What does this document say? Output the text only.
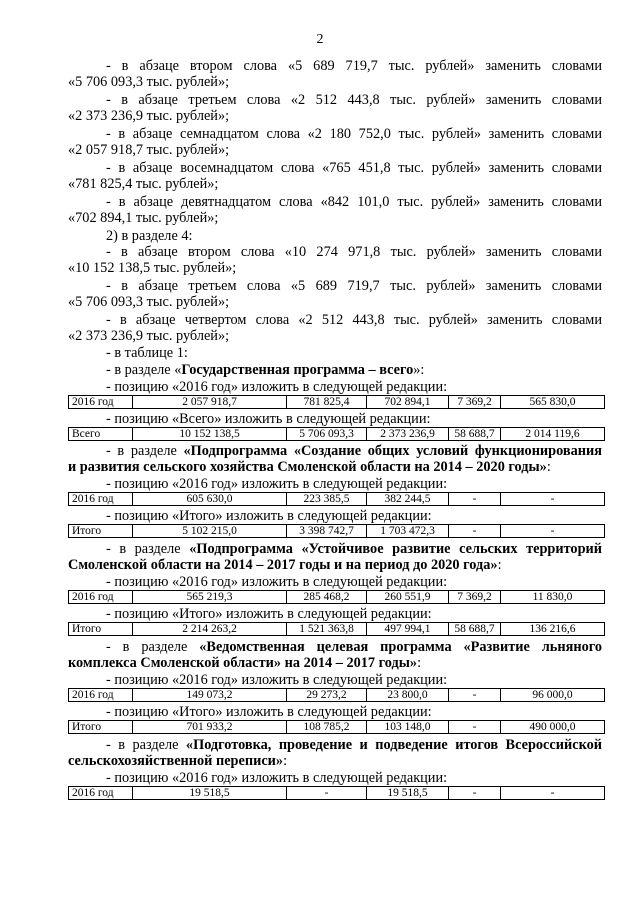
2
- в абзаце втором слова «5 689 719,7 тыс. рублей» заменить словами
«5 706 093,3 тыс. рублей»;
- в абзаце третьем слова «2 512 443,8 тыс. рублей» заменить словами
«2 373 236,9 тыс. рублей»;
- в абзаце семнадцатом слова «2 180 752,0 тыс. рублей» заменить словами
«2 057 918,7 тыс. рублей»;
- в абзаце восемнадцатом слова «765 451,8 тыс. рублей» заменить словами
«781 825,4 тыс. рублей»;
- в абзаце девятнадцатом слова «842 101,0 тыс. рублей» заменить словами
«702 894,1 тыс. рублей»;
2) в разделе 4:
- в абзаце втором слова «10 274 971,8 тыс. рублей» заменить словами
«10 152 138,5 тыс. рублей»;
- в абзаце третьем слова «5 689 719,7 тыс. рублей» заменить словами
«5 706 093,3 тыс. рублей»;
- в абзаце четвертом слова «2 512 443,8 тыс. рублей» заменить словами
«2 373 236,9 тыс. рублей»;
- в таблице 1:
- в разделе «Государственная программа – всего»:
- позицию «2016 год» изложить в следующей редакции:
2016 год	2 057 918,7	781 825,4	702 894,1	7 369,2	565 830,0
- позицию «Всего» изложить в следующей редакции:
Всего	10 152 138,5	5 706 093,3	2 373 236,9	58 688,7	2 014 119,6
- в разделе «Подпрограмма «Создание общих условий функционирования
и развития сельского хозяйства Смоленской области на 2014 – 2020 годы»:
- позицию «2016 год» изложить в следующей редакции:
2016 год	605 630,0	223 385,5	382 244,5	-	-
- позицию «Итого» изложить в следующей редакции:
Итого	5 102 215,0	3 398 742,7	1 703 472,3	-	-
- в разделе «Подпрограмма «Устойчивое развитие сельских территорий
Смоленской области на 2014 – 2017 годы и на период до 2020 года»:
- позицию «2016 год» изложить в следующей редакции:
2016 год	565 219,3	285 468,2	260 551,9	7 369,2	11 830,0
- позицию «Итого» изложить в следующей редакции:
Итого	2 214 263,2	1 521 363,8	497 994,1	58 688,7	136 216,6
- в разделе «Ведомственная целевая программа «Развитие льняного
комплекса Смоленской области» на 2014 – 2017 годы»:
- позицию «2016 год» изложить в следующей редакции:
2016 год	149 073,2	29 273,2	23 800,0	-	96 000,0
- позицию «Итого» изложить в следующей редакции:
Итого	701 933,2	108 785,2	103 148,0	-	490 000,0
- в разделе «Подготовка, проведение и подведение итогов Всероссийской
сельскохозяйственной переписи»:
- позицию «2016 год» изложить в следующей редакции:
2016 год	19 518,5	-	19 518,5	-	-
